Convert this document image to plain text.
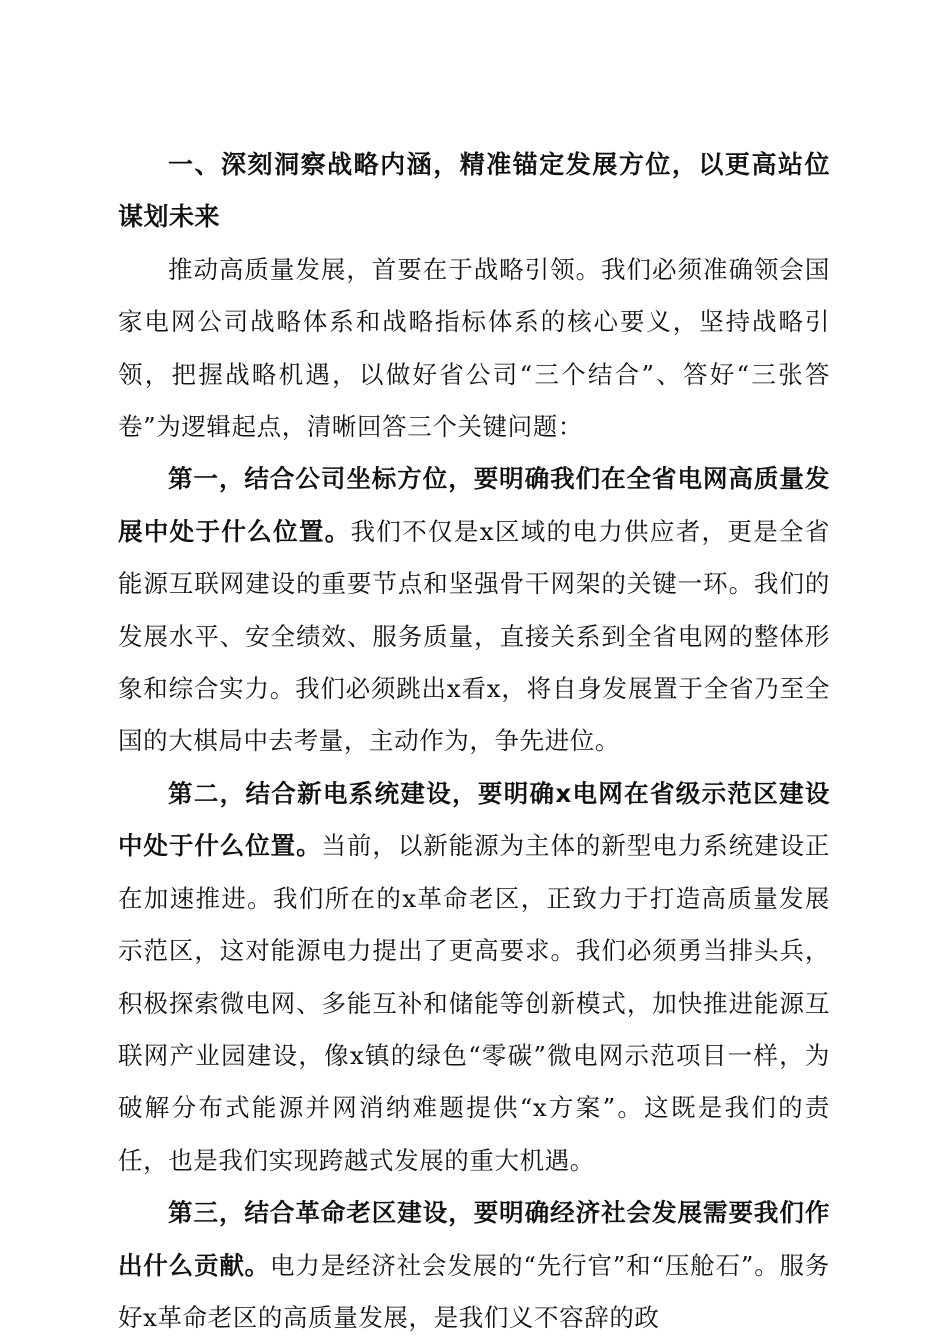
一、深刻洞察战略内涵，精准锚定发展方位，以更高站位谋划未来

推动高质量发展，首要在于战略引领。我们必须准确领会国家电网公司战略体系和战略指标体系的核心要义，坚持战略引领，把握战略机遇，以做好省公司“三个结合”、答好“三张答卷”为逻辑起点，清晰回答三个关键问题：

第一，结合公司坐标方位，要明确我们在全省电网高质量发展中处于什么位置。我们不仅是x区域的电力供应者，更是全省能源互联网建设的重要节点和坚强骨干网架的关键一环。我们的发展水平、安全绩效、服务质量，直接关系到全省电网的整体形象和综合实力。我们必须跳出x看x，将自身发展置于全省乃至全国的大棋局中去考量，主动作为，争先进位。

第二，结合新电系统建设，要明确x电网在省级示范区建设中处于什么位置。当前，以新能源为主体的新型电力系统建设正在加速推进。我们所在的x革命老区，正致力于打造高质量发展示范区，这对能源电力提出了更高要求。我们必须勇当排头兵，积极探索微电网、多能互补和储能等创新模式，加快推进能源互联网产业园建设，像x镇的绿色“零碳”微电网示范项目一样，为破解分布式能源并网消纳难题提供“x方案”。这既是我们的责任，也是我们实现跨越式发展的重大机遇。

第三，结合革命老区建设，要明确经济社会发展需要我们作出什么贡献。电力是经济社会发展的“先行官”和“压舱石”。服务好x革命老区的高质量发展，是我们义不容辞的政
